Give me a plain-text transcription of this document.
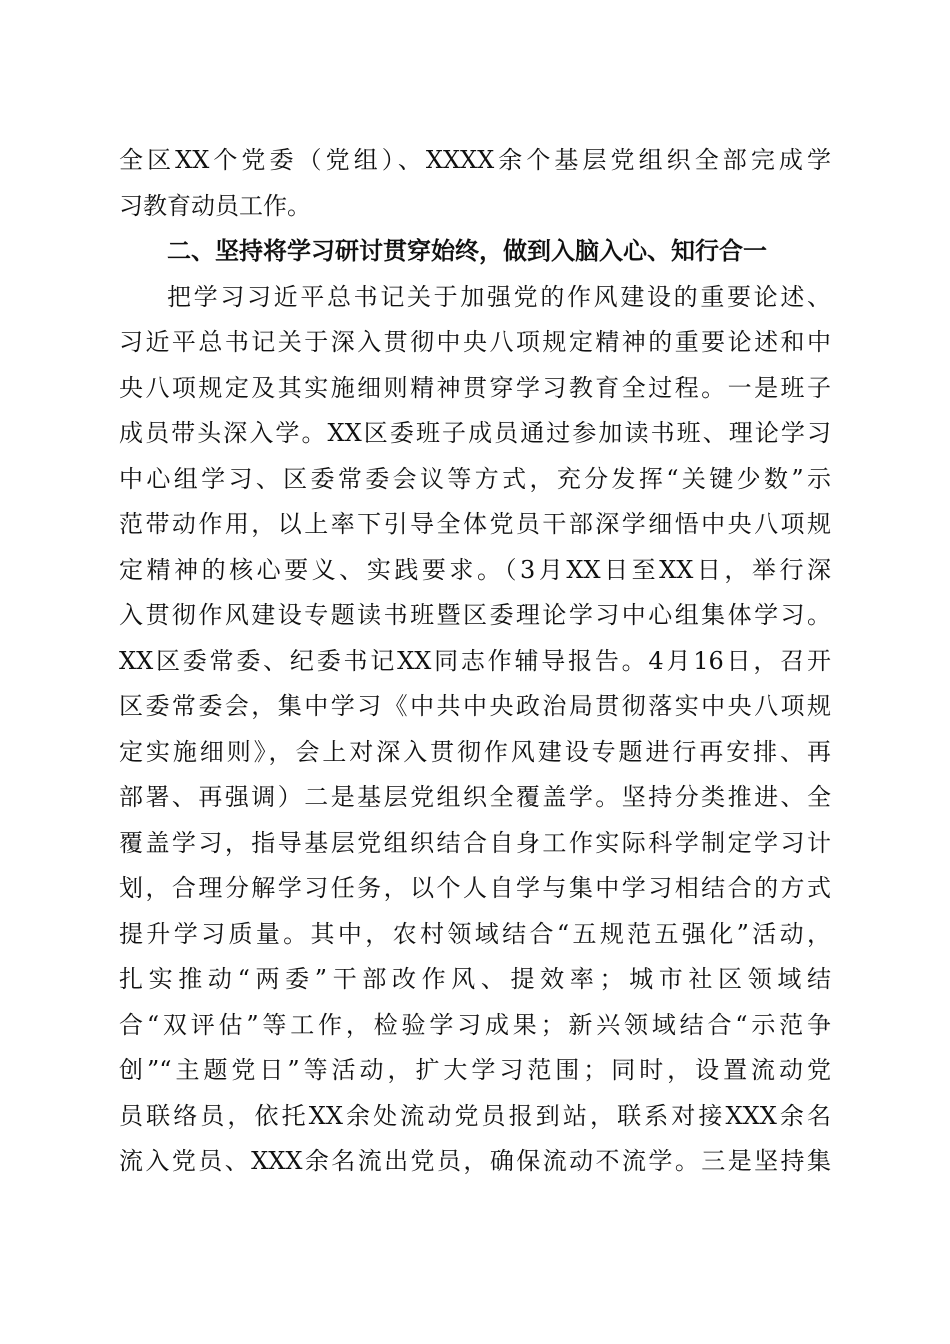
全区XX个党委（党组）、XXXX余个基层党组织全部完成学
习教育动员工作。
二、坚持将学习研讨贯穿始终，做到入脑入心、知行合一
把学习习近平总书记关于加强党的作风建设的重要论述、
习近平总书记关于深入贯彻中央八项规定精神的重要论述和中
央八项规定及其实施细则精神贯穿学习教育全过程。一是班子
成员带头深入学。XX区委班子成员通过参加读书班、理论学习
中心组学习、区委常委会议等方式，充分发挥“关键少数”示
范带动作用，以上率下引导全体党员干部深学细悟中央八项规
定精神的核心要义、实践要求。（3月XX日至XX日，举行深
入贯彻作风建设专题读书班暨区委理论学习中心组集体学习。
XX区委常委、纪委书记XX同志作辅导报告。4月16日，召开
区委常委会，集中学习《中共中央政治局贯彻落实中央八项规
定实施细则》，会上对深入贯彻作风建设专题进行再安排、再
部署、再强调）二是基层党组织全覆盖学。坚持分类推进、全
覆盖学习，指导基层党组织结合自身工作实际科学制定学习计
划，合理分解学习任务，以个人自学与集中学习相结合的方式
提升学习质量。其中，农村领域结合“五规范五强化”活动，
扎实推动“两委”干部改作风、提效率；城市社区领域结
合“双评估”等工作，检验学习成果；新兴领域结合“示范争
创”“主题党日”等活动，扩大学习范围；同时，设置流动党
员联络员，依托XX余处流动党员报到站，联系对接XXX余名
流入党员、XXX余名流出党员，确保流动不流学。三是坚持集
